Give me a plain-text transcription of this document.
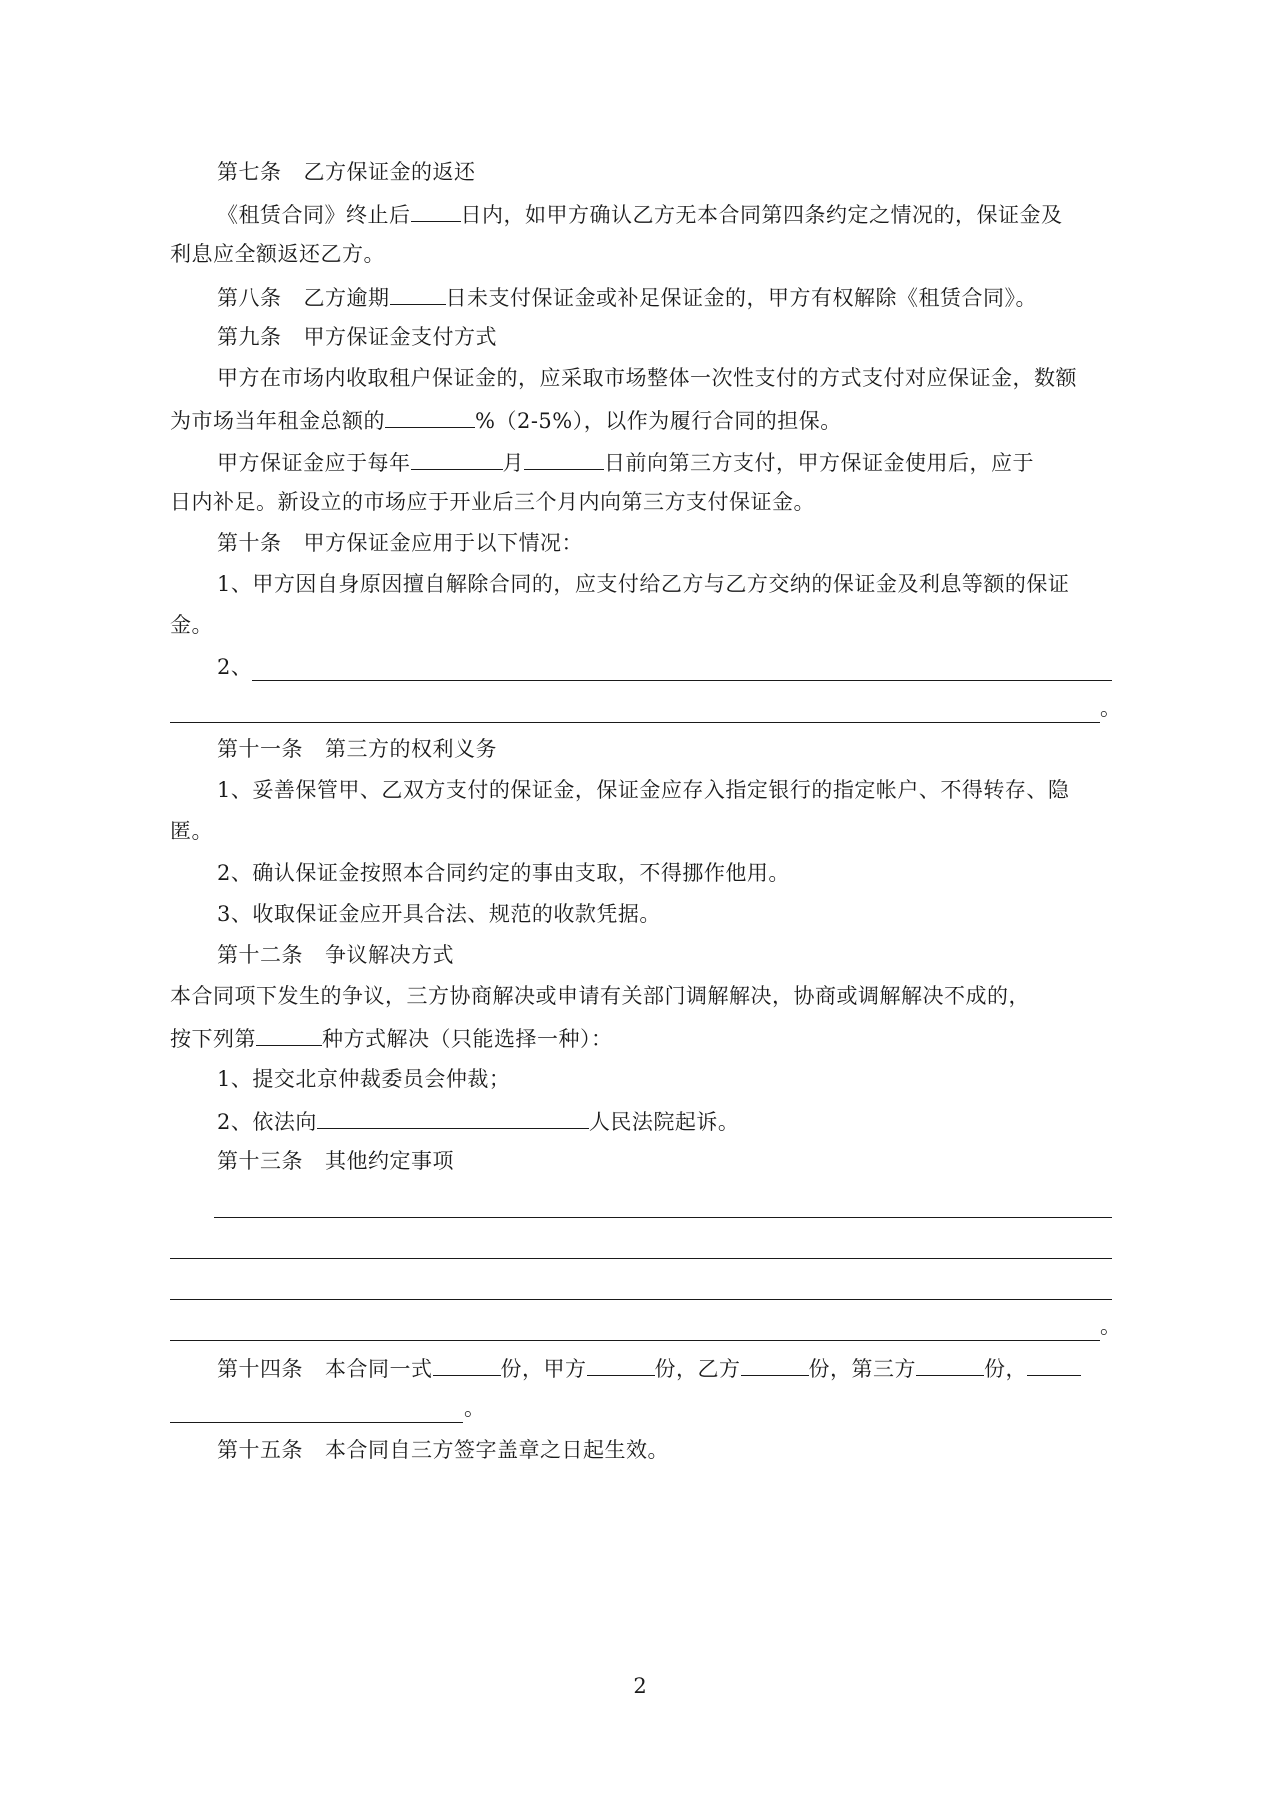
第七条 乙方保证金的返还
《租赁合同》终止后 日内，如甲方确认乙方无本合同第四条约定之情况的，保证金及
利息应全额返还乙方。
第八条 乙方逾期	日未支付保证金或补足保证金的，甲方有权解除《租赁合同》。
第九条 甲方保证金支付方式
甲方在市场内收取租户保证金的，应采取市场整体一次性支付的方式支付对应保证金，数额
为市场当年租金总额的	%（2-5%），以作为履行合同的担保。
甲方保证金应于每年	月	日前向第三方支付，甲方保证金使用后，应于
日内补足。新设立的市场应于开业后三个月内向第三方支付保证金。
第十条 甲方保证金应用于以下情况：
1、甲方因自身原因擅自解除合同的，应支付给乙方与乙方交纳的保证金及利息等额的保证
金。
2、
。
第十一条 第三方的权利义务
1、妥善保管甲、乙双方支付的保证金，保证金应存入指定银行的指定帐户、不得转存、隐
匿。
2、确认保证金按照本合同约定的事由支取，不得挪作他用。
3、收取保证金应开具合法、规范的收款凭据。
第十二条 争议解决方式
本合同项下发生的争议，三方协商解决或申请有关部门调解解决，协商或调解解决不成的，
按下列第	种方式解决（只能选择一种）：
1、提交北京仲裁委员会仲裁；
2、依法向	人民法院起诉。
第十三条 其他约定事项
。
第十四条 本合同一式	份，甲方	份，乙方	份，第三方	份，
。
第十五条 本合同自三方签字盖章之日起生效。
2
